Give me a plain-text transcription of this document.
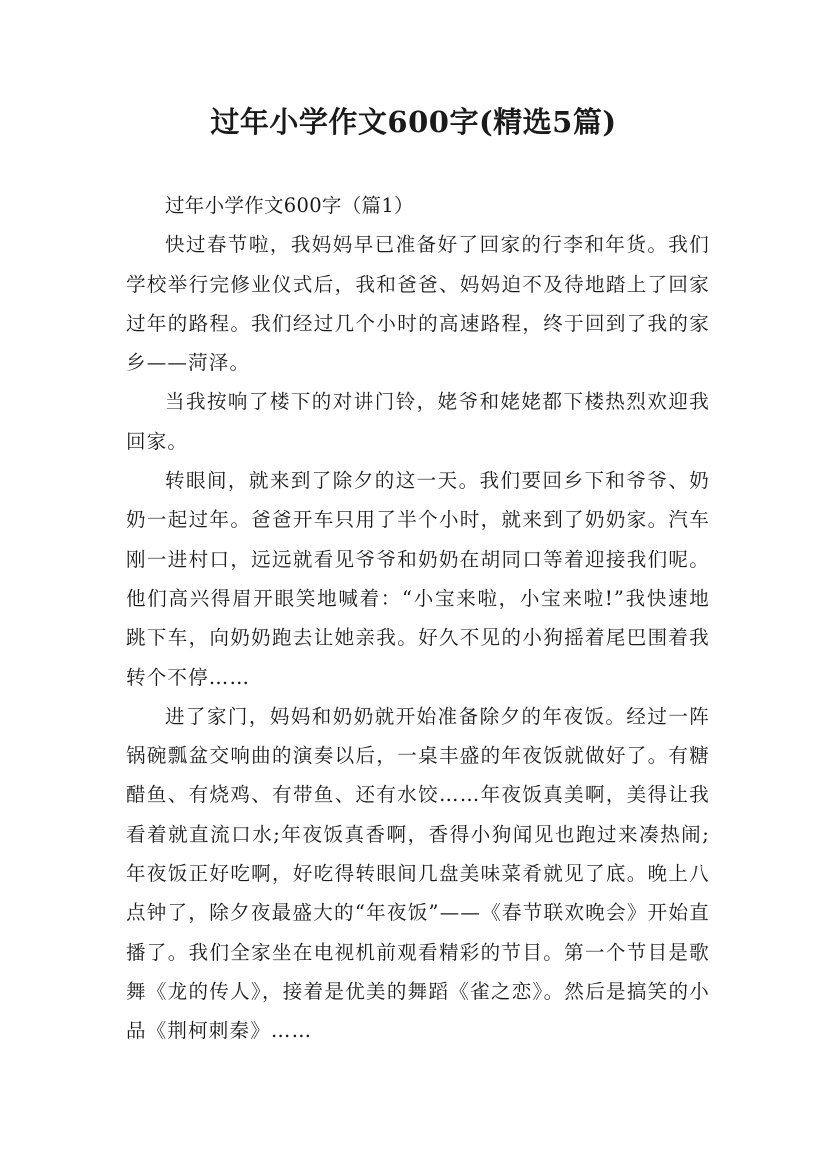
过年小学作文600字(精选5篇)

过年小学作文600字（篇1）

快过春节啦，我妈妈早已准备好了回家的行李和年货。我们学校举行完修业仪式后，我和爸爸、妈妈迫不及待地踏上了回家过年的路程。我们经过几个小时的高速路程，终于回到了我的家乡——菏泽。

当我按响了楼下的对讲门铃，姥爷和姥姥都下楼热烈欢迎我回家。

转眼间，就来到了除夕的这一天。我们要回乡下和爷爷、奶奶一起过年。爸爸开车只用了半个小时，就来到了奶奶家。汽车刚一进村口，远远就看见爷爷和奶奶在胡同口等着迎接我们呢。他们高兴得眉开眼笑地喊着：“小宝来啦，小宝来啦!”我快速地跳下车，向奶奶跑去让她亲我。好久不见的小狗摇着尾巴围着我转个不停……

进了家门，妈妈和奶奶就开始准备除夕的年夜饭。经过一阵锅碗瓢盆交响曲的演奏以后，一桌丰盛的年夜饭就做好了。有糖醋鱼、有烧鸡、有带鱼、还有水饺……年夜饭真美啊，美得让我看着就直流口水;年夜饭真香啊，香得小狗闻见也跑过来凑热闹;年夜饭正好吃啊，好吃得转眼间几盘美味菜肴就见了底。晚上八点钟了，除夕夜最盛大的“年夜饭”——《春节联欢晚会》开始直播了。我们全家坐在电视机前观看精彩的节目。第一个节目是歌舞《龙的传人》，接着是优美的舞蹈《雀之恋》。然后是搞笑的小品《荆柯刺秦》……
